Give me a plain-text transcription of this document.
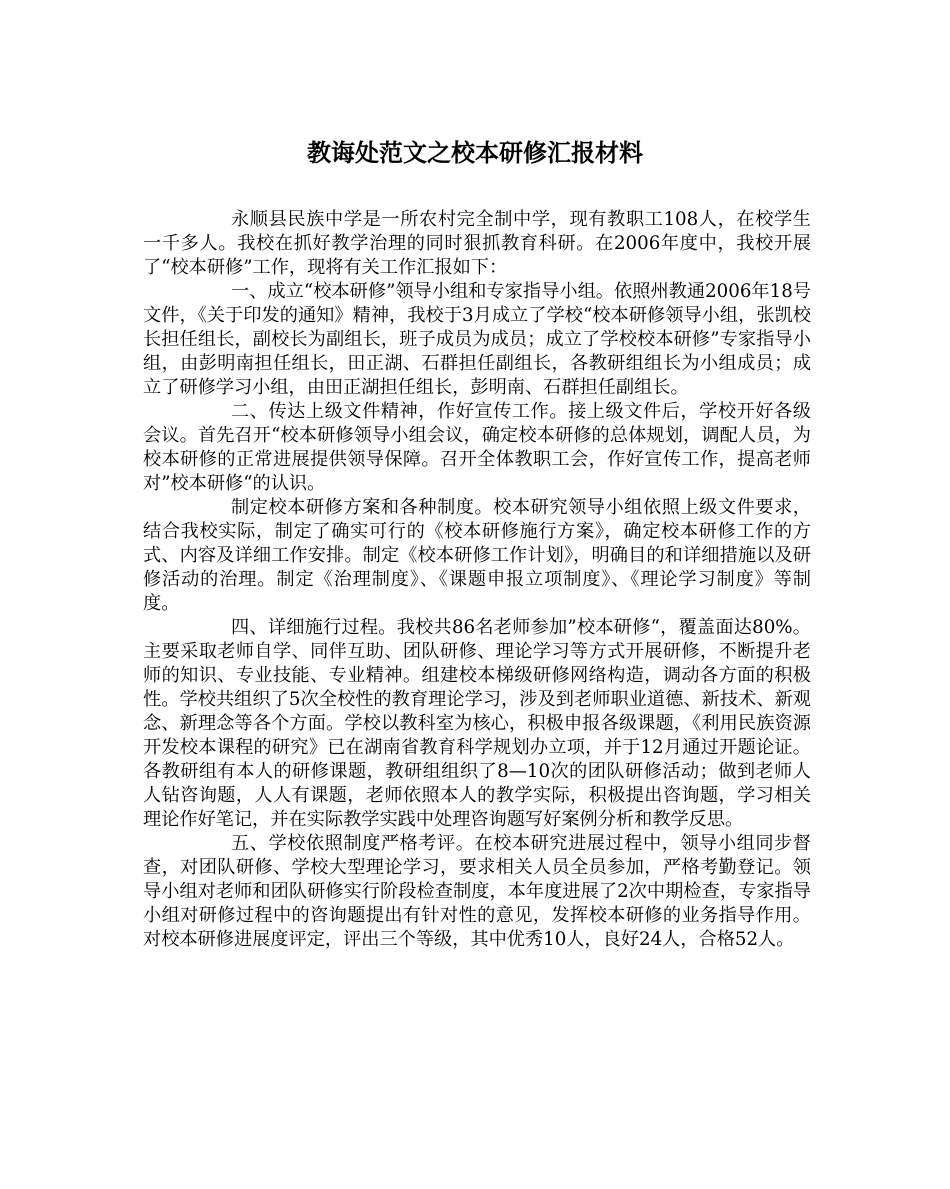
教诲处范文之校本研修汇报材料

永顺县民族中学是一所农村完全制中学，现有教职工108人，在校学生一千多人。我校在抓好教学治理的同时狠抓教育科研。在2006年度中，我校开展了“校本研修”工作，现将有关工作汇报如下：

一、成立“校本研修”领导小组和专家指导小组。依照州教通2006年18号文件，《关于印发的通知》精神，我校于3月成立了学校“校本研修领导小组，张凯校长担任组长，副校长为副组长，班子成员为成员；成立了学校校本研修”专家指导小组，由彭明南担任组长，田正湖、石群担任副组长，各教研组组长为小组成员；成立了研修学习小组，由田正湖担任组长，彭明南、石群担任副组长。

二、传达上级文件精神，作好宣传工作。接上级文件后，学校开好各级会议。首先召开“校本研修领导小组会议，确定校本研修的总体规划，调配人员，为校本研修的正常进展提供领导保障。召开全体教职工会，作好宣传工作，提高老师对”校本研修“的认识。

制定校本研修方案和各种制度。校本研究领导小组依照上级文件要求，结合我校实际，制定了确实可行的《校本研修施行方案》，确定校本研修工作的方式、内容及详细工作安排。制定《校本研修工作计划》，明确目的和详细措施以及研修活动的治理。制定《治理制度》、《课题申报立项制度》、《理论学习制度》等制度。

四、详细施行过程。我校共86名老师参加”校本研修“，覆盖面达80%。主要采取老师自学、同伴互助、团队研修、理论学习等方式开展研修，不断提升老师的知识、专业技能、专业精神。组建校本梯级研修网络构造，调动各方面的积极性。学校共组织了5次全校性的教育理论学习，涉及到老师职业道德、新技术、新观念、新理念等各个方面。学校以教科室为核心，积极申报各级课题，《利用民族资源开发校本课程的研究》已在湖南省教育科学规划办立项，并于12月通过开题论证。各教研组有本人的研修课题，教研组组织了8—10次的团队研修活动；做到老师人人钻咨询题，人人有课题，老师依照本人的教学实际，积极提出咨询题，学习相关理论作好笔记，并在实际教学实践中处理咨询题写好案例分析和教学反思。

五、学校依照制度严格考评。在校本研究进展过程中，领导小组同步督查，对团队研修、学校大型理论学习，要求相关人员全员参加，严格考勤登记。领导小组对老师和团队研修实行阶段检查制度，本年度进展了2次中期检查，专家指导小组对研修过程中的咨询题提出有针对性的意见，发挥校本研修的业务指导作用。对校本研修进展度评定，评出三个等级，其中优秀10人，良好24人，合格52人。
